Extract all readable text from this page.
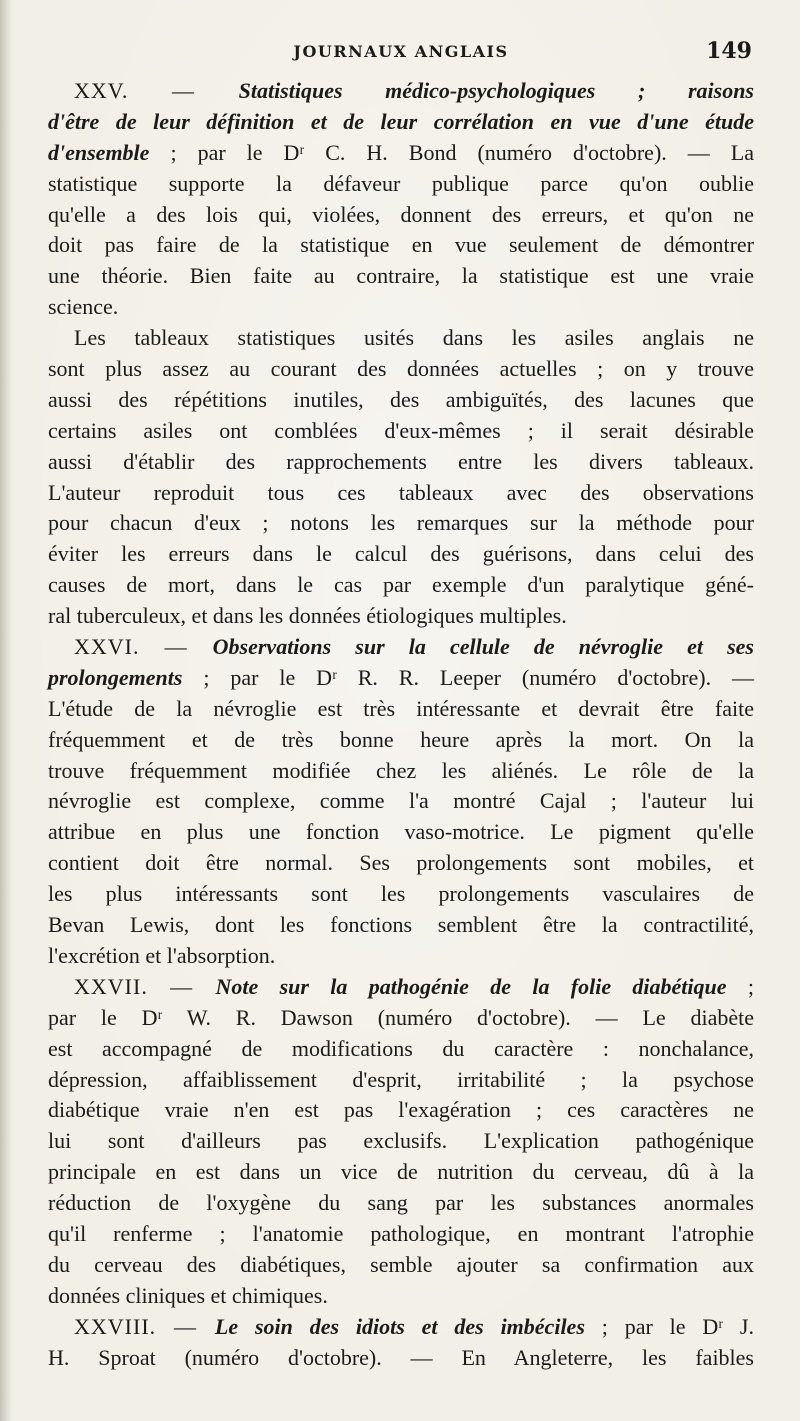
JOURNAUX ANGLAIS	149
XXV. — Statistiques médico-psychologiques ; raisons
d'être de leur définition et de leur corrélation en vue d'une étude
d'ensemble ; par le Dʳ C. H. Bond (numéro d'octobre). — La
statistique supporte la défaveur publique parce qu'on oublie
qu'elle a des lois qui, violées, donnent des erreurs, et qu'on ne
doit pas faire de la statistique en vue seulement de démontrer
une théorie. Bien faite au contraire, la statistique est une vraie
science.
Les tableaux statistiques usités dans les asiles anglais ne
sont plus assez au courant des données actuelles ; on y trouve
aussi des répétitions inutiles, des ambiguïtés, des lacunes que
certains asiles ont comblées d'eux-mêmes ; il serait désirable
aussi d'établir des rapprochements entre les divers tableaux.
L'auteur reproduit tous ces tableaux avec des observations
pour chacun d'eux ; notons les remarques sur la méthode pour
éviter les erreurs dans le calcul des guérisons, dans celui des
causes de mort, dans le cas par exemple d'un paralytique géné-
ral tuberculeux, et dans les données étiologiques multiples.
XXVI. — Observations sur la cellule de névroglie et ses
prolongements ; par le Dʳ R. R. Leeper (numéro d'octobre). —
L'étude de la névroglie est très intéressante et devrait être faite
fréquemment et de très bonne heure après la mort. On la
trouve fréquemment modifiée chez les aliénés. Le rôle de la
névroglie est complexe, comme l'a montré Cajal ; l'auteur lui
attribue en plus une fonction vaso-motrice. Le pigment qu'elle
contient doit être normal. Ses prolongements sont mobiles, et
les plus intéressants sont les prolongements vasculaires de
Bevan Lewis, dont les fonctions semblent être la contractilité,
l'excrétion et l'absorption.
XXVII. — Note sur la pathogénie de la folie diabétique ;
par le Dʳ W. R. Dawson (numéro d'octobre). — Le diabète
est accompagné de modifications du caractère : nonchalance,
dépression, affaiblissement d'esprit, irritabilité ; la psychose
diabétique vraie n'en est pas l'exagération ; ces caractères ne
lui sont d'ailleurs pas exclusifs. L'explication pathogénique
principale en est dans un vice de nutrition du cerveau, dû à la
réduction de l'oxygène du sang par les substances anormales
qu'il renferme ; l'anatomie pathologique, en montrant l'atrophie
du cerveau des diabétiques, semble ajouter sa confirmation aux
données cliniques et chimiques.
XXVIII. — Le soin des idiots et des imbéciles ; par le Dʳ J.
H. Sproat (numéro d'octobre). — En Angleterre, les faibles
